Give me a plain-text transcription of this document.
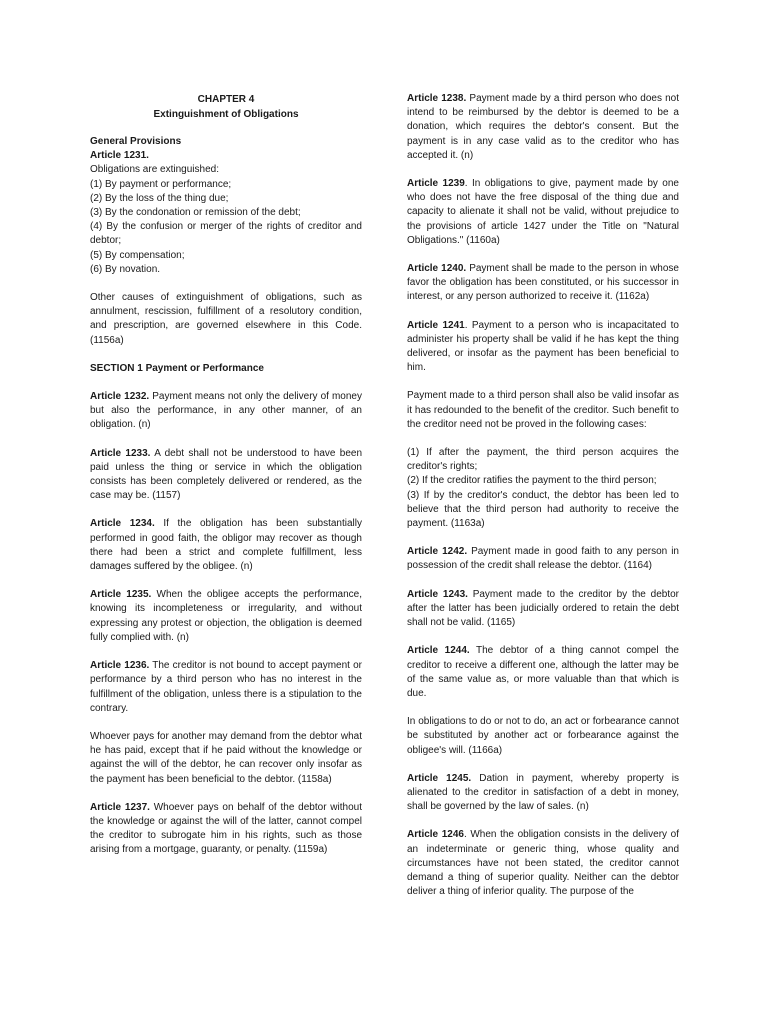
CHAPTER 4
Extinguishment of Obligations
General Provisions
Article 1231.
Obligations are extinguished:
(1) By payment or performance;
(2) By the loss of the thing due;
(3) By the condonation or remission of the debt;
(4) By the confusion or merger of the rights of creditor and debtor;
(5) By compensation;
(6) By novation.

Other causes of extinguishment of obligations, such as annulment, rescission, fulfillment of a resolutory condition, and prescription, are governed elsewhere in this Code. (1156a)

SECTION 1 Payment or Performance

Article 1232. Payment means not only the delivery of money but also the performance, in any other manner, of an obligation. (n)

Article 1233. A debt shall not be understood to have been paid unless the thing or service in which the obligation consists has been completely delivered or rendered, as the case may be. (1157)

Article 1234. If the obligation has been substantially performed in good faith, the obligor may recover as though there had been a strict and complete fulfillment, less damages suffered by the obligee. (n)

Article 1235. When the obligee accepts the performance, knowing its incompleteness or irregularity, and without expressing any protest or objection, the obligation is deemed fully complied with. (n)

Article 1236. The creditor is not bound to accept payment or performance by a third person who has no interest in the fulfillment of the obligation, unless there is a stipulation to the contrary.

Whoever pays for another may demand from the debtor what he has paid, except that if he paid without the knowledge or against the will of the debtor, he can recover only insofar as the payment has been beneficial to the debtor. (1158a)

Article 1237. Whoever pays on behalf of the debtor without the knowledge or against the will of the latter, cannot compel the creditor to subrogate him in his rights, such as those arising from a mortgage, guaranty, or penalty. (1159a)

Article 1238. Payment made by a third person who does not intend to be reimbursed by the debtor is deemed to be a donation, which requires the debtor's consent. But the payment is in any case valid as to the creditor who has accepted it. (n)

Article 1239. In obligations to give, payment made by one who does not have the free disposal of the thing due and capacity to alienate it shall not be valid, without prejudice to the provisions of article 1427 under the Title on "Natural Obligations." (1160a)

Article 1240. Payment shall be made to the person in whose favor the obligation has been constituted, or his successor in interest, or any person authorized to receive it. (1162a)

Article 1241. Payment to a person who is incapacitated to administer his property shall be valid if he has kept the thing delivered, or insofar as the payment has been beneficial to him.

Payment made to a third person shall also be valid insofar as it has redounded to the benefit of the creditor. Such benefit to the creditor need not be proved in the following cases:

(1) If after the payment, the third person acquires the creditor's rights;

(2) If the creditor ratifies the payment to the third person;

(3) If by the creditor's conduct, the debtor has been led to believe that the third person had authority to receive the payment. (1163a)

Article 1242. Payment made in good faith to any person in possession of the credit shall release the debtor. (1164)

Article 1243. Payment made to the creditor by the debtor after the latter has been judicially ordered to retain the debt shall not be valid. (1165)

Article 1244. The debtor of a thing cannot compel the creditor to receive a different one, although the latter may be of the same value as, or more valuable than that which is due.

In obligations to do or not to do, an act or forbearance cannot be substituted by another act or forbearance against the obligee's will. (1166a)

Article 1245. Dation in payment, whereby property is alienated to the creditor in satisfaction of a debt in money, shall be governed by the law of sales. (n)

Article 1246. When the obligation consists in the delivery of an indeterminate or generic thing, whose quality and circumstances have not been stated, the creditor cannot demand a thing of superior quality. Neither can the debtor deliver a thing of inferior quality. The purpose of the
